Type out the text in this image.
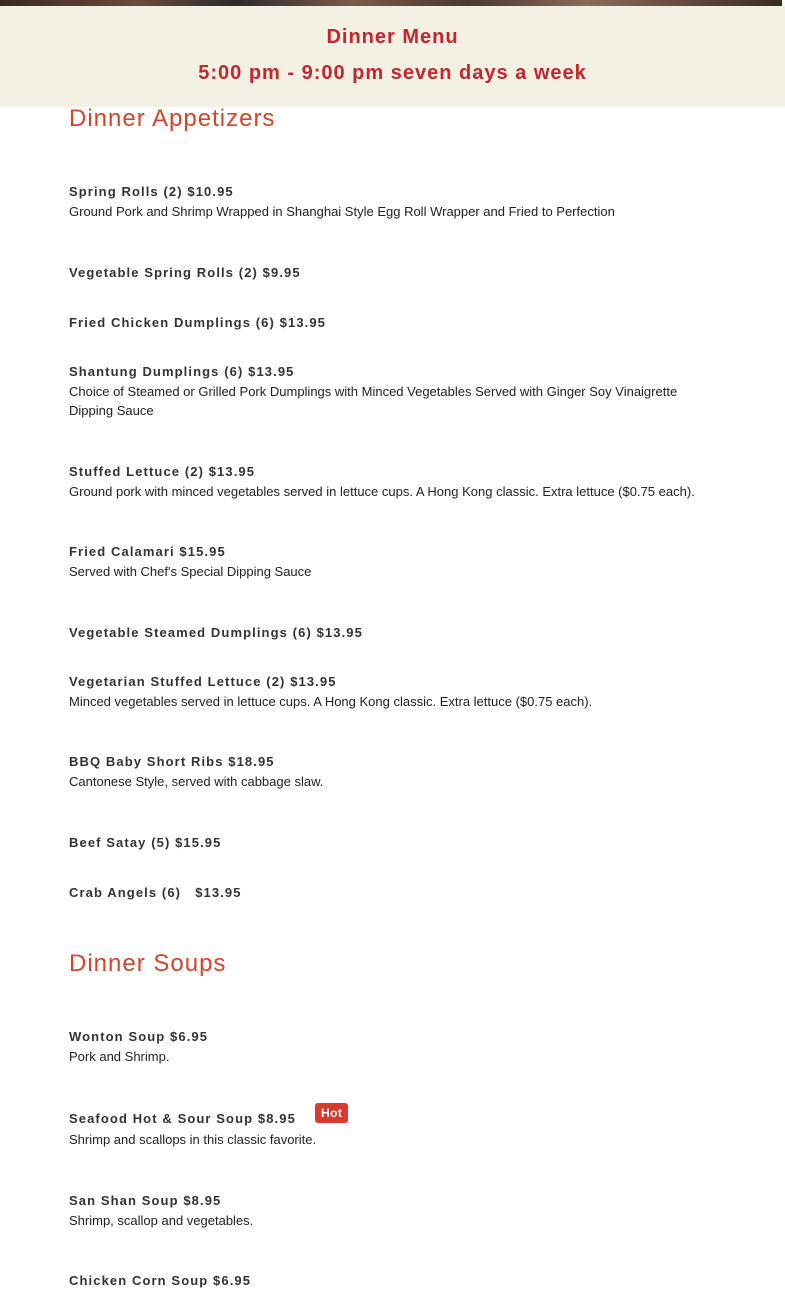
Dinner Menu
5:00 pm - 9:00 pm seven days a week
Dinner Appetizers
Spring Rolls (2) $10.95
Ground Pork and Shrimp Wrapped in Shanghai Style Egg Roll Wrapper and Fried to Perfection
Vegetable Spring Rolls (2) $9.95
Fried Chicken Dumplings (6) $13.95
Shantung Dumplings (6) $13.95
Choice of Steamed or Grilled Pork Dumplings with Minced Vegetables Served with Ginger Soy Vinaigrette Dipping Sauce
Stuffed Lettuce (2) $13.95
Ground pork with minced vegetables served in lettuce cups. A Hong Kong classic. Extra lettuce ($0.75 each).
Fried Calamari $15.95
Served with Chef's Special Dipping Sauce
Vegetable Steamed Dumplings (6) $13.95
Vegetarian Stuffed Lettuce (2) $13.95
Minced vegetables served in lettuce cups. A Hong Kong classic. Extra lettuce ($0.75 each).
BBQ Baby Short Ribs $18.95
Cantonese Style, served with cabbage slaw.
Beef Satay (5) $15.95
Crab Angels (6)   $13.95
Dinner Soups
Wonton Soup $6.95
Pork and Shrimp.
Seafood Hot & Sour Soup $8.95	Hot
Shrimp and scallops in this classic favorite.
San Shan Soup $8.95
Shrimp, scallop and vegetables.
Chicken Corn Soup $6.95
